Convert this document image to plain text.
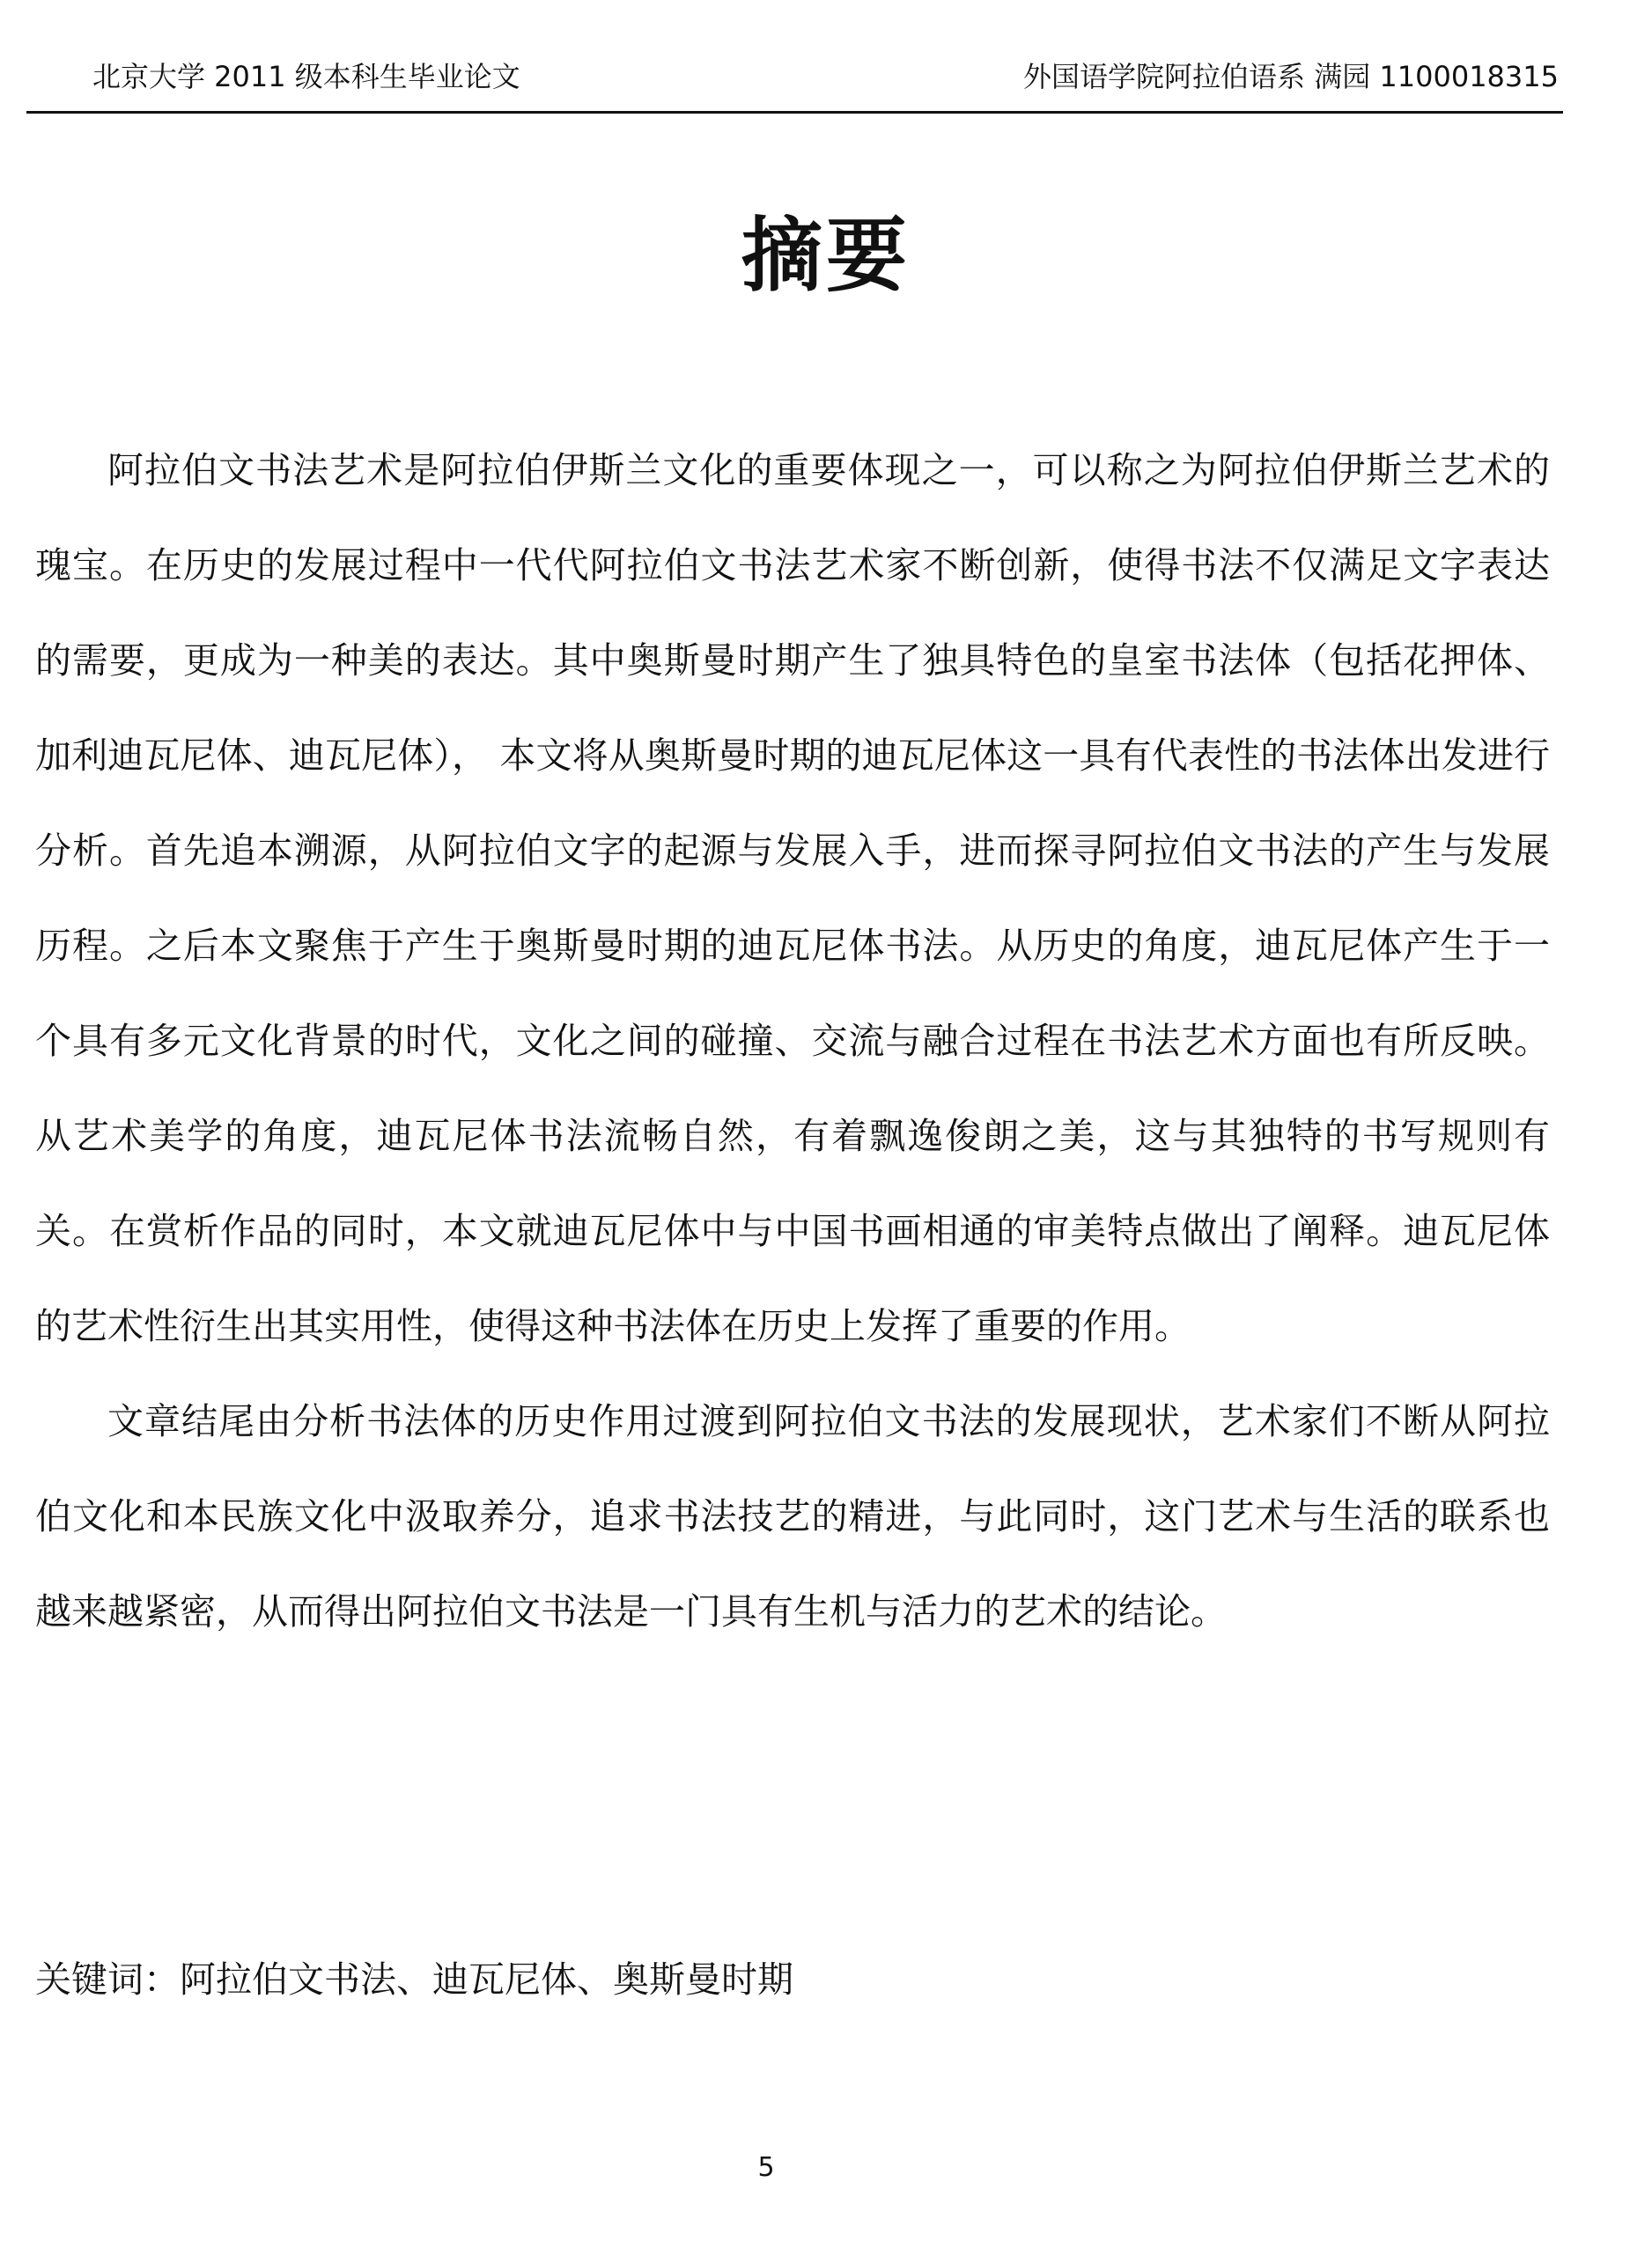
北京大学 2011 级本科生毕业论文	外国语学院阿拉伯语系 满园 1100018315
摘要

阿拉伯文书法艺术是阿拉伯伊斯兰文化的重要体现之一，可以称之为阿拉伯伊斯兰艺术的瑰宝。在历史的发展过程中一代代阿拉伯文书法艺术家不断创新，使得书法不仅满足文字表达的需要，更成为一种美的表达。其中奥斯曼时期产生了独具特色的皇室书法体（包括花押体、加利迪瓦尼体、迪瓦尼体）， 本文将从奥斯曼时期的迪瓦尼体这一具有代表性的书法体出发进行分析。首先追本溯源，从阿拉伯文字的起源与发展入手，进而探寻阿拉伯文书法的产生与发展历程。之后本文聚焦于产生于奥斯曼时期的迪瓦尼体书法。从历史的角度，迪瓦尼体产生于一个具有多元文化背景的时代，文化之间的碰撞、交流与融合过程在书法艺术方面也有所反映。从艺术美学的角度，迪瓦尼体书法流畅自然，有着飘逸俊朗之美，这与其独特的书写规则有关。在赏析作品的同时，本文就迪瓦尼体中与中国书画相通的审美特点做出了阐释。迪瓦尼体的艺术性衍生出其实用性，使得这种书法体在历史上发挥了重要的作用。

文章结尾由分析书法体的历史作用过渡到阿拉伯文书法的发展现状，艺术家们不断从阿拉伯文化和本民族文化中汲取养分，追求书法技艺的精进，与此同时，这门艺术与生活的联系也越来越紧密，从而得出阿拉伯文书法是一门具有生机与活力的艺术的结论。

关键词：阿拉伯文书法、迪瓦尼体、奥斯曼时期
5
